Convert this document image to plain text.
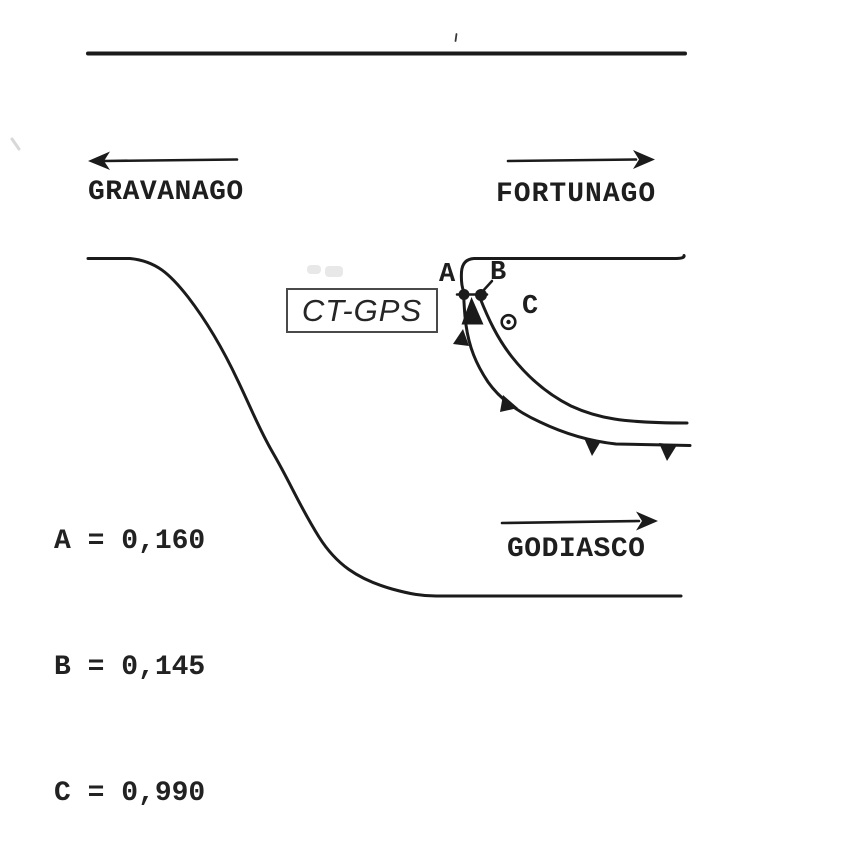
GRAVANAGO	FORTUNAGO
GODIASCO
CT-GPS
A B
C

A = 0,160

B = 0,145

C = 0,990
